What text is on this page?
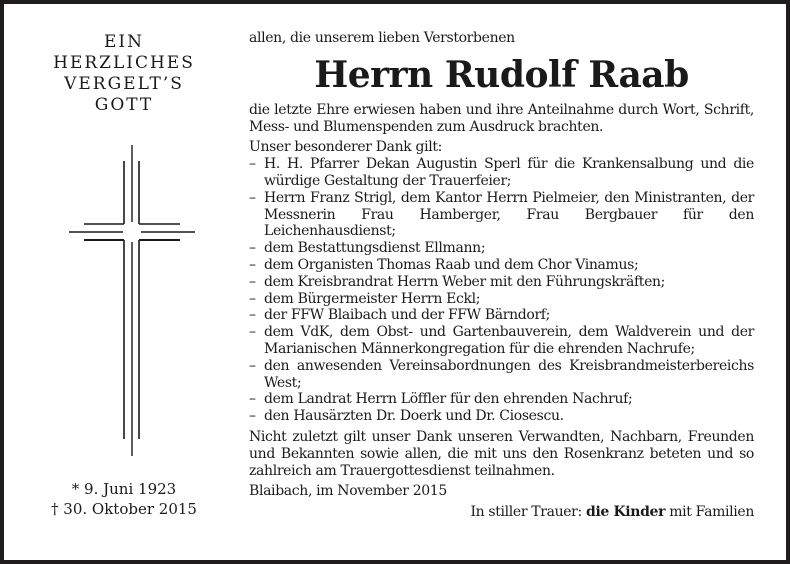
EIN
HERZLICHES
VERGELT’S
GOTT
* 9. Juni 1923
† 30. Oktober 2015

allen, die unserem lieben Verstorbenen

Herrn Rudolf Raab

die letzte Ehre erwiesen haben und ihre Anteilnahme durch Wort, Schrift, Mess- und Blumenspenden zum Ausdruck brachten.

Unser besonderer Dank gilt:

– H. H. Pfarrer Dekan Augustin Sperl für die Krankensalbung und die würdige Gestaltung der Trauerfeier;
– Herrn Franz Strigl, dem Kantor Herrn Pielmeier, den Ministranten, der Messnerin Frau Hamberger, Frau Bergbauer für den Leichenhausdienst;
– dem Bestattungsdienst Ellmann;
– dem Organisten Thomas Raab und dem Chor Vinamus;
– dem Kreisbrandrat Herrn Weber mit den Führungskräften;
– dem Bürgermeister Herrn Eckl;
– der FFW Blaibach und der FFW Bärndorf;
– dem VdK, dem Obst- und Gartenbauverein, dem Waldverein und der Marianischen Männerkongregation für die ehrenden Nachrufe;
– den anwesenden Vereinsabordnungen des Kreisbrandmeisterbereichs West;
– dem Landrat Herrn Löffler für den ehrenden Nachruf;
– den Hausärzten Dr. Doerk und Dr. Ciosescu.

Nicht zuletzt gilt unser Dank unseren Verwandten, Nachbarn, Freunden und Bekannten sowie allen, die mit uns den Rosenkranz beteten und so zahlreich am Trauergottesdienst teilnahmen.

Blaibach, im November 2015

In stiller Trauer: die Kinder mit Familien
